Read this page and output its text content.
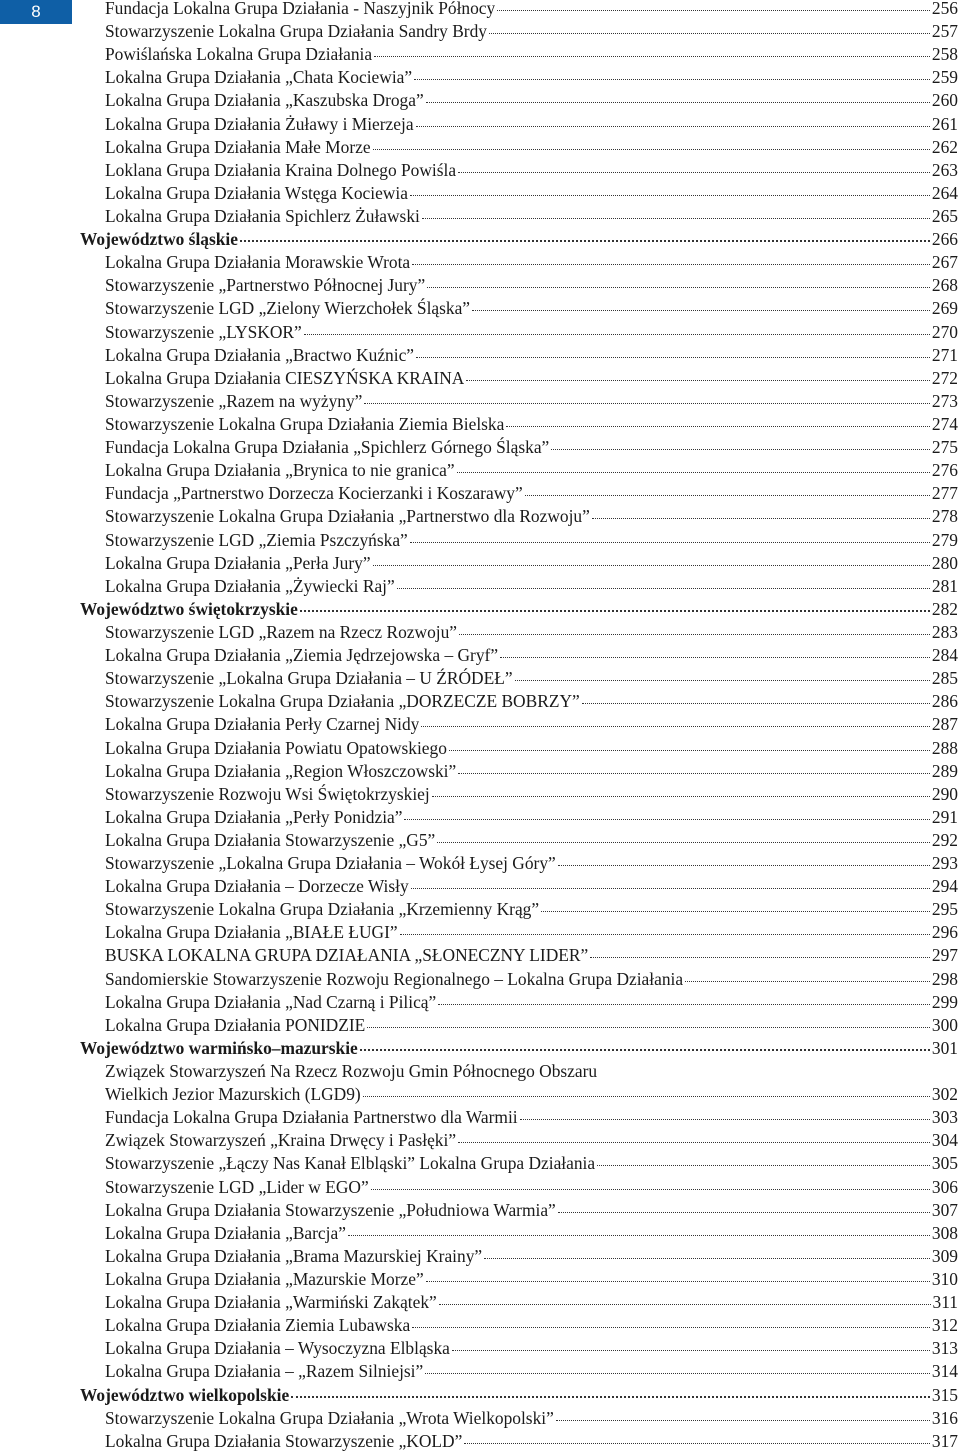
8	Fundacja Lokalna Grupa Działania - Naszyjnik Północy	256
Stowarzyszenie Lokalna Grupa Działania Sandry Brdy	257
Powiślańska Lokalna Grupa Działania	258
Lokalna Grupa Działania „Chata Kociewia”	259
Lokalna Grupa Działania „Kaszubska Droga”	260
Lokalna Grupa Działania Żuławy i Mierzeja	261
Lokalna Grupa Działania Małe Morze	262
Loklana Grupa Działania Kraina Dolnego Powiśla	263
Lokalna Grupa Działania Wstęga Kociewia	264
Lokalna Grupa Działania Spichlerz Żuławski	265
Województwo śląskie	266
Lokalna Grupa Działania Morawskie Wrota	267
Stowarzyszenie „Partnerstwo Północnej Jury”	268
Stowarzyszenie LGD „Zielony Wierzchołek Śląska”	269
Stowarzyszenie „LYSKOR”	270
Lokalna Grupa Działania „Bractwo Kuźnic”	271
Lokalna Grupa Działania CIESZYŃSKA KRAINA	272
Stowarzyszenie „Razem na wyżyny”	273
Stowarzyszenie Lokalna Grupa Działania Ziemia Bielska	274
Fundacja Lokalna Grupa Działania „Spichlerz Górnego Śląska”	275
Lokalna Grupa Działania „Brynica to nie granica”	276
Fundacja „Partnerstwo Dorzecza Kocierzanki i Koszarawy”	277
Stowarzyszenie Lokalna Grupa Działania „Partnerstwo dla Rozwoju”	278
Stowarzyszenie LGD „Ziemia Pszczyńska”	279
Lokalna Grupa Działania „Perła Jury”	280
Lokalna Grupa Działania „Żywiecki Raj”	281
Województwo świętokrzyskie	282
Stowarzyszenie LGD „Razem na Rzecz Rozwoju”	283
Lokalna Grupa Działania „Ziemia Jędrzejowska – Gryf”	284
Stowarzyszenie „Lokalna Grupa Działania – U ŹRÓDEŁ”	285
Stowarzyszenie Lokalna Grupa Działania „DORZECZE BOBRZY”	286
Lokalna Grupa Działania Perły Czarnej Nidy	287
Lokalna Grupa Działania Powiatu Opatowskiego	288
Lokalna Grupa Działania „Region Włoszczowski”	289
Stowarzyszenie Rozwoju Wsi Świętokrzyskiej	290
Lokalna Grupa Działania „Perły Ponidzia”	291
Lokalna Grupa Działania Stowarzyszenie „G5”	292
Stowarzyszenie „Lokalna Grupa Działania – Wokół Łysej Góry”	293
Lokalna Grupa Działania – Dorzecze Wisły	294
Stowarzyszenie Lokalna Grupa Działania „Krzemienny Krąg”	295
Lokalna Grupa Działania „BIAŁE ŁUGI”	296
BUSKA LOKALNA GRUPA DZIAŁANIA „SŁONECZNY LIDER”	297
Sandomierskie Stowarzyszenie Rozwoju Regionalnego – Lokalna Grupa Działania	298
Lokalna Grupa Działania „Nad Czarną i Pilicą”	299
Lokalna Grupa Działania PONIDZIE	300
Województwo warmińsko–mazurskie	301
Związek Stowarzyszeń Na Rzecz Rozwoju Gmin Północnego Obszaru
Wielkich Jezior Mazurskich (LGD9)	302
Fundacja Lokalna Grupa Działania Partnerstwo dla Warmii	303
Związek Stowarzyszeń „Kraina Drwęcy i Pasłęki”	304
Stowarzyszenie „Łączy Nas Kanał Elbląski” Lokalna Grupa Działania	305
Stowarzyszenie LGD „Lider w EGO”	306
Lokalna Grupa Działania Stowarzyszenie „Południowa Warmia”	307
Lokalna Grupa Działania „Barcja”	308
Lokalna Grupa Działania „Brama Mazurskiej Krainy”	309
Lokalna Grupa Działania „Mazurskie Morze”	310
Lokalna Grupa Działania „Warmiński Zakątek”	311
Lokalna Grupa Działania Ziemia Lubawska	312
Lokalna Grupa Działania – Wysoczyzna Elbląska	313
Lokalna Grupa Działania – „Razem Silniejsi”	314
Województwo wielkopolskie	315
Stowarzyszenie Lokalna Grupa Działania „Wrota Wielkopolski”	316
Lokalna Grupa Działania Stowarzyszenie „KOLD”	317
